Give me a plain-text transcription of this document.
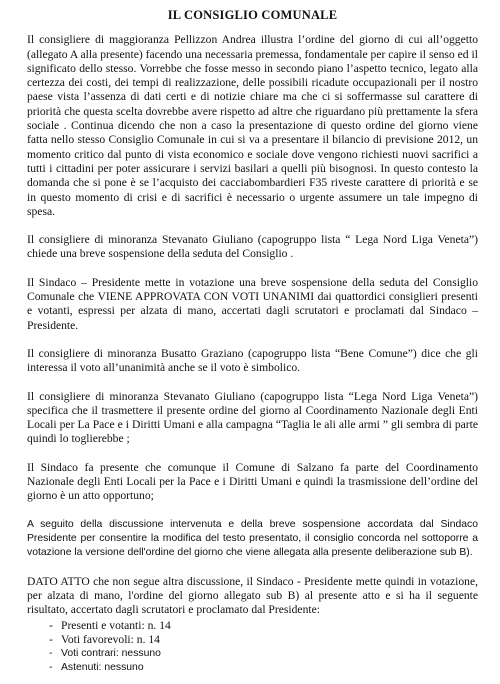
IL CONSIGLIO COMUNALE

Il consigliere di maggioranza Pellizzon Andrea illustra l’ordine del giorno di cui all’oggetto (allegato A alla presente) facendo una necessaria premessa, fondamentale per capire il senso ed il significato dello stesso. Vorrebbe che fosse messo in secondo piano l’aspetto tecnico, legato alla certezza dei costi, dei tempi di realizzazione, delle possibili ricadute occupazionali per il nostro paese vista l’assenza di dati certi e di notizie chiare ma che ci si soffermasse sul carattere di priorità che questa scelta dovrebbe avere rispetto ad altre che riguardano più prettamente la sfera sociale . Continua dicendo che non a caso la presentazione di questo ordine del giorno viene fatta nello stesso Consiglio Comunale in cui si va a presentare il bilancio di previsione 2012, un momento critico dal punto di vista economico e sociale dove vengono richiesti nuovi sacrifici a tutti i cittadini per poter assicurare i servizi basilari a quelli più bisognosi. In questo contesto la domanda che si pone è se l’acquisto dei cacciabombardieri F35 riveste carattere di priorità e se in questo momento di crisi e di sacrifici è necessario o urgente assumere un tale impegno di spesa.

Il consigliere di minoranza Stevanato Giuliano (capogruppo lista “ Lega Nord Liga Veneta”) chiede una breve sospensione della seduta del Consiglio .

Il Sindaco – Presidente mette in votazione una breve sospensione della seduta del Consiglio Comunale che VIENE APPROVATA CON VOTI UNANIMI dai quattordici consiglieri presenti e votanti, espressi per alzata di mano, accertati dagli scrutatori e proclamati dal Sindaco – Presidente.

Il consigliere di minoranza Busatto Graziano (capogruppo lista “Bene Comune”) dice che gli interessa il voto all’unanimità anche se il voto è simbolico.

Il consigliere di minoranza Stevanato Giuliano (capogruppo lista “Lega Nord Liga Veneta”) specifica che il trasmettere il presente ordine del giorno al Coordinamento Nazionale degli Enti Locali per La Pace e i Diritti Umani e alla campagna “Taglia le ali alle armi ” gli sembra di parte quindi lo toglierebbe ;

Il Sindaco fa presente che comunque il Comune di Salzano fa parte del Coordinamento Nazionale degli Enti Locali per la Pace e i Diritti Umani e quindi la trasmissione dell’ordine del giorno è un atto opportuno;

A seguito della discussione intervenuta e della breve sospensione accordata dal Sindaco Presidente per consentire la modifica del testo presentato, il consiglio concorda nel sottoporre a votazione la versione dell'ordine del giorno che viene allegata alla presente deliberazione sub B).

DATO ATTO che non segue altra discussione, il Sindaco - Presidente mette quindi in votazione, per alzata di mano, l'ordine del giorno allegato sub B) al presente atto e si ha il seguente risultato, accertato dagli scrutatori e proclamato dal Presidente:

- Presenti e votanti: n. 14
- Voti favorevoli: n. 14
- Voti contrari: nessuno
- Astenuti: nessuno
